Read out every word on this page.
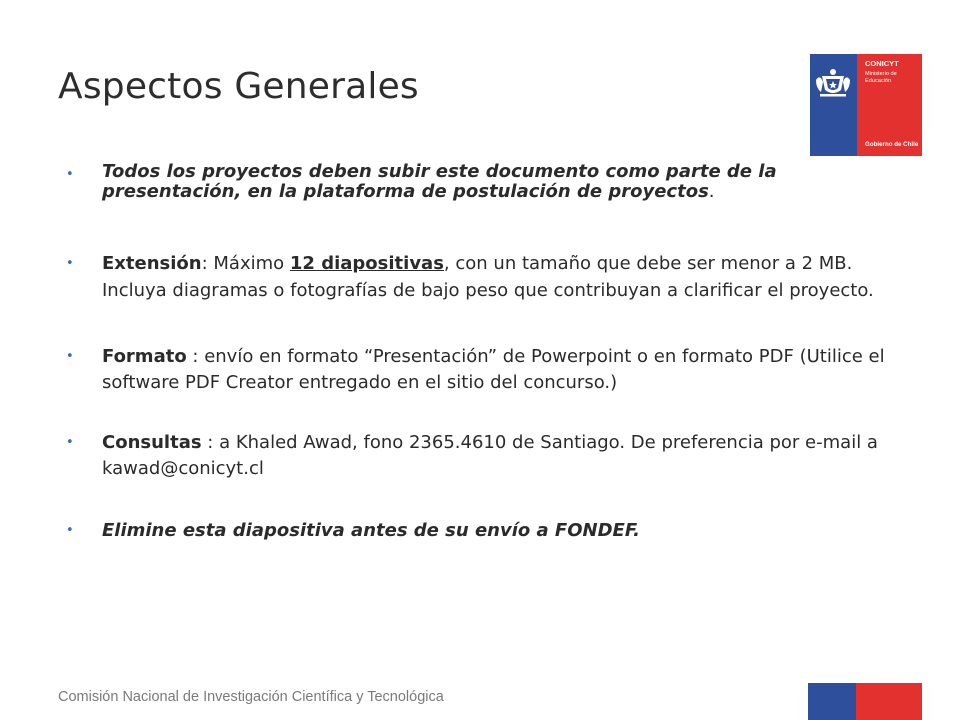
Aspectos Generales
CONICYT
Ministerio de
Educación
Gobierno de Chile
• Todos los proyectos deben subir este documento como parte de la presentación, en la plataforma de postulación de proyectos.
• Extensión: Máximo 12 diapositivas, con un tamaño que debe ser menor a 2 MB. Incluya diagramas o fotografías de bajo peso que contribuyan a clarificar el proyecto.
• Formato : envío en formato “Presentación” de Powerpoint o en formato PDF (Utilice el software PDF Creator entregado en el sitio del concurso.)
• Consultas : a Khaled Awad, fono 2365.4610 de Santiago. De preferencia por e-mail a kawad@conicyt.cl
• Elimine esta diapositiva antes de su envío a FONDEF.
Comisión Nacional de Investigación Científica y Tecnológica
